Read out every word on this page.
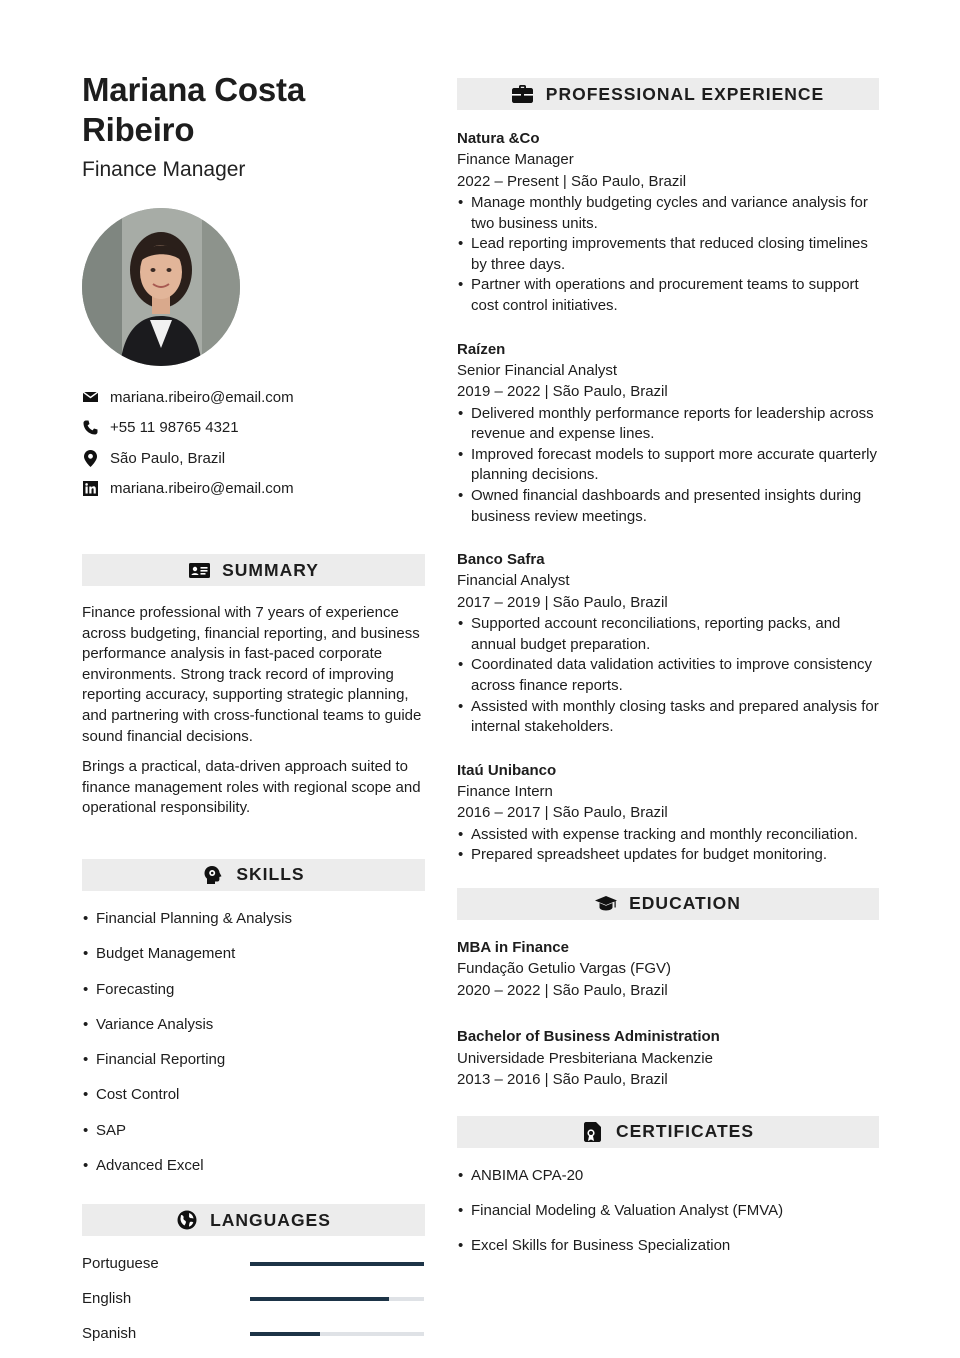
Mariana Costa Ribeiro
Finance Manager
mariana.ribeiro@email.com
+55 11 98765 4321
São Paulo, Brazil
mariana.ribeiro@email.com
SUMMARY

Finance professional with 7 years of experience across budgeting, financial reporting, and business performance analysis in fast-paced corporate environments. Strong track record of improving reporting accuracy, supporting strategic planning, and partnering with cross-functional teams to guide sound financial decisions.

Brings a practical, data-driven approach suited to finance management roles with regional scope and operational responsibility.

SKILLS
• Financial Planning & Analysis
• Budget Management
• Forecasting
• Variance Analysis
• Financial Reporting
• Cost Control
• SAP
• Advanced Excel
LANGUAGES
Portuguese
English
Spanish
PROFESSIONAL EXPERIENCE
Natura &Co
Finance Manager
2022 – Present | São Paulo, Brazil
• Manage monthly budgeting cycles and variance analysis for two business units.
• Lead reporting improvements that reduced closing timelines by three days.
• Partner with operations and procurement teams to support cost control initiatives.
Raízen
Senior Financial Analyst
2019 – 2022 | São Paulo, Brazil
• Delivered monthly performance reports for leadership across revenue and expense lines.
• Improved forecast models to support more accurate quarterly planning decisions.
• Owned financial dashboards and presented insights during business review meetings.
Banco Safra
Financial Analyst
2017 – 2019 | São Paulo, Brazil
• Supported account reconciliations, reporting packs, and annual budget preparation.
• Coordinated data validation activities to improve consistency across finance reports.
• Assisted with monthly closing tasks and prepared analysis for internal stakeholders.
Itaú Unibanco
Finance Intern
2016 – 2017 | São Paulo, Brazil
• Assisted with expense tracking and monthly reconciliation.
• Prepared spreadsheet updates for budget monitoring.
EDUCATION
MBA in Finance
Fundação Getulio Vargas (FGV)
2020 – 2022 | São Paulo, Brazil
Bachelor of Business Administration
Universidade Presbiteriana Mackenzie
2013 – 2016 | São Paulo, Brazil
CERTIFICATES
• ANBIMA CPA-20
• Financial Modeling & Valuation Analyst (FMVA)
• Excel Skills for Business Specialization
